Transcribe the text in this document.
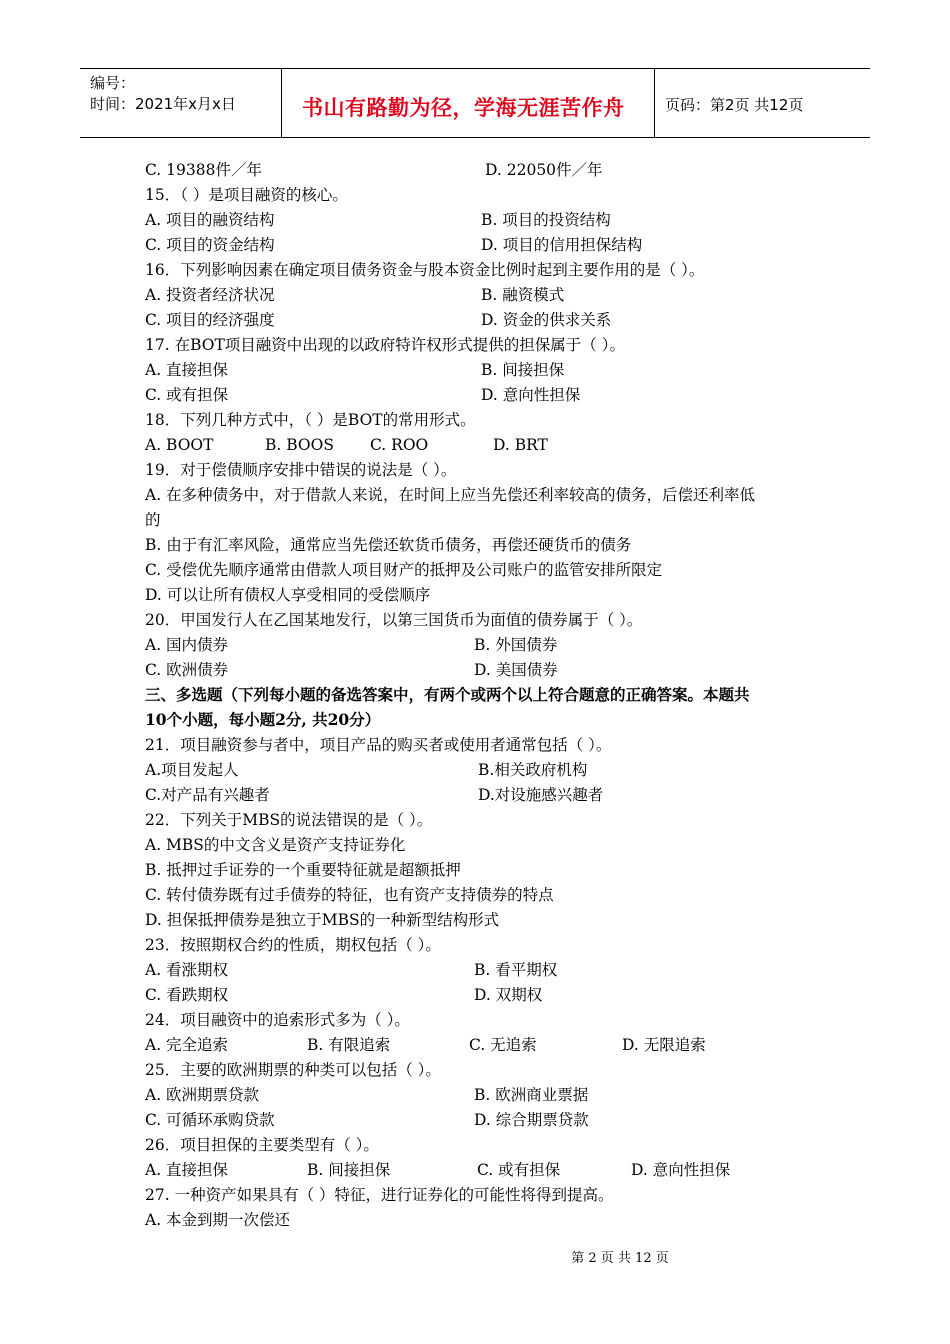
编号：
时间：2021年x月x日	书山有路勤为径，学海无涯苦作舟	页码：第2页 共12页
C. 19388件／年	D. 22050件／年
15．（ ）是项目融资的核心。
A. 项目的融资结构	B. 项目的投资结构
C. 项目的资金结构	D. 项目的信用担保结构
16．下列影响因素在确定项目债务资金与股本资金比例时起到主要作用的是（ ）。
A. 投资者经济状况	B. 融资模式
C. 项目的经济强度	D. 资金的供求关系
17. 在BOT项目融资中出现的以政府特许权形式提供的担保属于（ ）。
A. 直接担保	B. 间接担保
C. 或有担保	D. 意向性担保
18．下列几种方式中，（ ）是BOT的常用形式。
A. BOOT	B. BOOS C. ROO	D. BRT
19．对于偿债顺序安排中错误的说法是（ ）。
A. 在多种债务中，对于借款人来说，在时间上应当先偿还利率较高的债务，后偿还利率低
的
B. 由于有汇率风险，通常应当先偿还软货币债务，再偿还硬货币的债务
C. 受偿优先顺序通常由借款人项目财产的抵押及公司账户的监管安排所限定
D. 可以让所有债权人享受相同的受偿顺序
20．甲国发行人在乙国某地发行，以第三国货币为面值的债券属于（ ）。
A. 国内债券	B. 外国债券
C. 欧洲债券	D. 美国债券
三、多选题（下列每小题的备选答案中，有两个或两个以上符合题意的正确答案。本题共
10个小题，每小题2分, 共20分）
21．项目融资参与者中，项目产品的购买者或使用者通常包括（ ）。
A.项目发起人	B.相关政府机构
C.对产品有兴趣者	D.对设施感兴趣者
22．下列关于MBS的说法错误的是（ ）。
A. MBS的中文含义是资产支持证券化
B. 抵押过手证券的一个重要特征就是超额抵押
C. 转付债券既有过手债券的特征，也有资产支持债券的特点
D. 担保抵押债券是独立于MBS的一种新型结构形式
23．按照期权合约的性质，期权包括（ ）。
A. 看涨期权	B. 看平期权
C. 看跌期权	D. 双期权
24．项目融资中的追索形式多为（ ）。
A. 完全追索	B. 有限追索	C. 无追索	D. 无限追索
25．主要的欧洲期票的种类可以包括（ ）。
A. 欧洲期票贷款	B. 欧洲商业票据
C. 可循环承购贷款	D. 综合期票贷款
26．项目担保的主要类型有（ ）。
A. 直接担保	B. 间接担保	C. 或有担保	D. 意向性担保
27. 一种资产如果具有（ ）特征，进行证券化的可能性将得到提高。
A. 本金到期一次偿还
第 2 页 共 12 页
